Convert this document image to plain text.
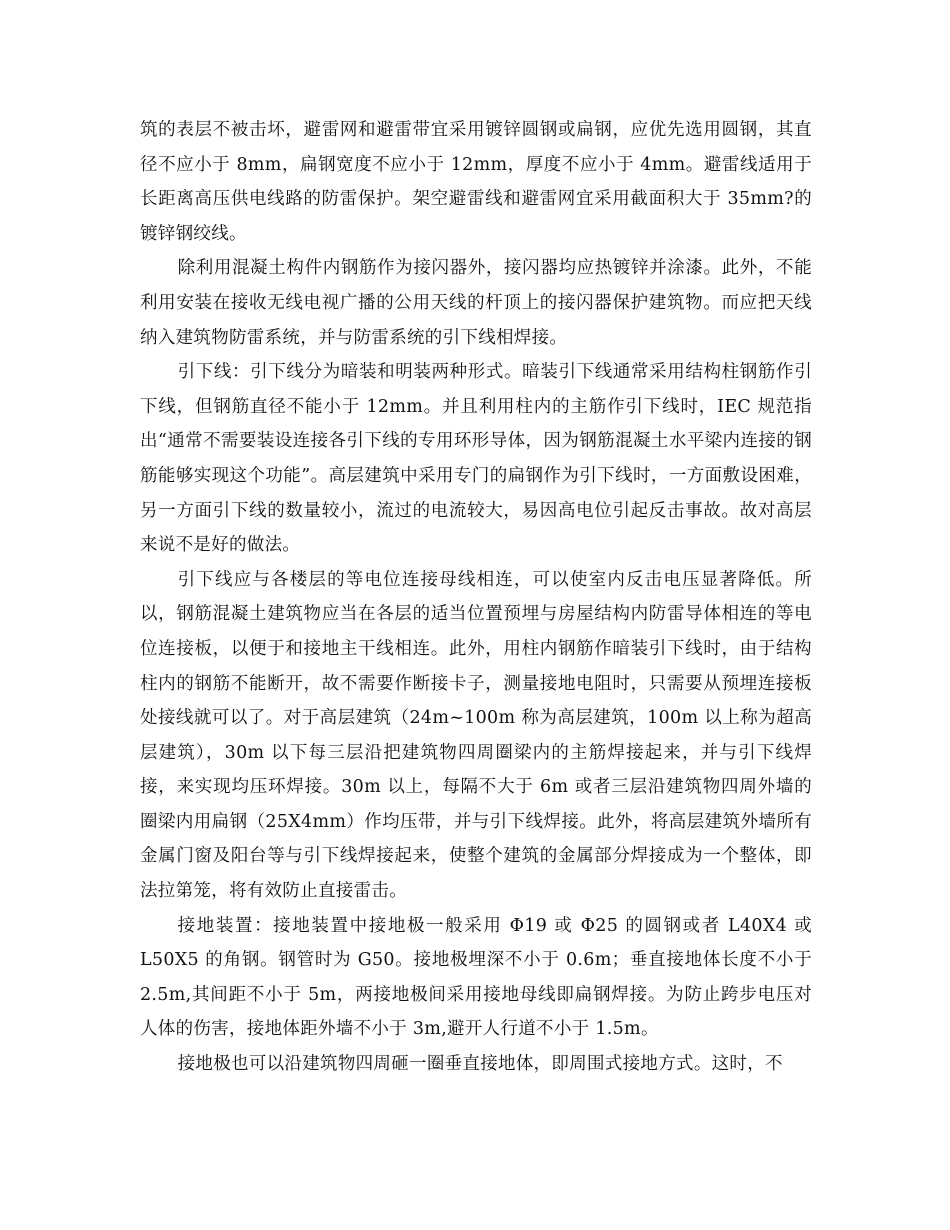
筑的表层不被击坏，避雷网和避雷带宜采用镀锌圆钢或扁钢，应优先选用圆钢，其直径不应小于 8mm，扁钢宽度不应小于 12mm，厚度不应小于 4mm。避雷线适用于长距离高压供电线路的防雷保护。架空避雷线和避雷网宜采用截面积大于 35mm?的镀锌钢绞线。

除利用混凝土构件内钢筋作为接闪器外，接闪器均应热镀锌并涂漆。此外，不能利用安装在接收无线电视广播的公用天线的杆顶上的接闪器保护建筑物。而应把天线纳入建筑物防雷系统，并与防雷系统的引下线相焊接。

引下线：引下线分为暗装和明装两种形式。暗装引下线通常采用结构柱钢筋作引下线，但钢筋直径不能小于 12mm。并且利用柱内的主筋作引下线时，IEC 规范指出“通常不需要装设连接各引下线的专用环形导体，因为钢筋混凝土水平梁内连接的钢筋能够实现这个功能”。高层建筑中采用专门的扁钢作为引下线时，一方面敷设困难，另一方面引下线的数量较小，流过的电流较大，易因高电位引起反击事故。故对高层来说不是好的做法。

引下线应与各楼层的等电位连接母线相连，可以使室内反击电压显著降低。所以，钢筋混凝土建筑物应当在各层的适当位置预埋与房屋结构内防雷导体相连的等电位连接板，以便于和接地主干线相连。此外，用柱内钢筋作暗装引下线时，由于结构柱内的钢筋不能断开，故不需要作断接卡子，测量接地电阻时，只需要从预埋连接板处接线就可以了。对于高层建筑（24m~100m 称为高层建筑，100m 以上称为超高层建筑），30m 以下每三层沿把建筑物四周圈梁内的主筋焊接起来，并与引下线焊接，来实现均压环焊接。30m 以上，每隔不大于 6m 或者三层沿建筑物四周外墙的圈梁内用扁钢（25X4mm）作均压带，并与引下线焊接。此外，将高层建筑外墙所有金属门窗及阳台等与引下线焊接起来，使整个建筑的金属部分焊接成为一个整体，即法拉第笼，将有效防止直接雷击。

接地装置：接地装置中接地极一般采用 Φ19 或 Φ25 的圆钢或者 L40X4 或 L50X5 的角钢。钢管时为 G50。接地极埋深不小于 0.6m；垂直接地体长度不小于 2.5m,其间距不小于 5m，两接地极间采用接地母线即扁钢焊接。为防止跨步电压对人体的伤害，接地体距外墙不小于 3m,避开人行道不小于 1.5m。

接地极也可以沿建筑物四周砸一圈垂直接地体，即周围式接地方式。这时，不
